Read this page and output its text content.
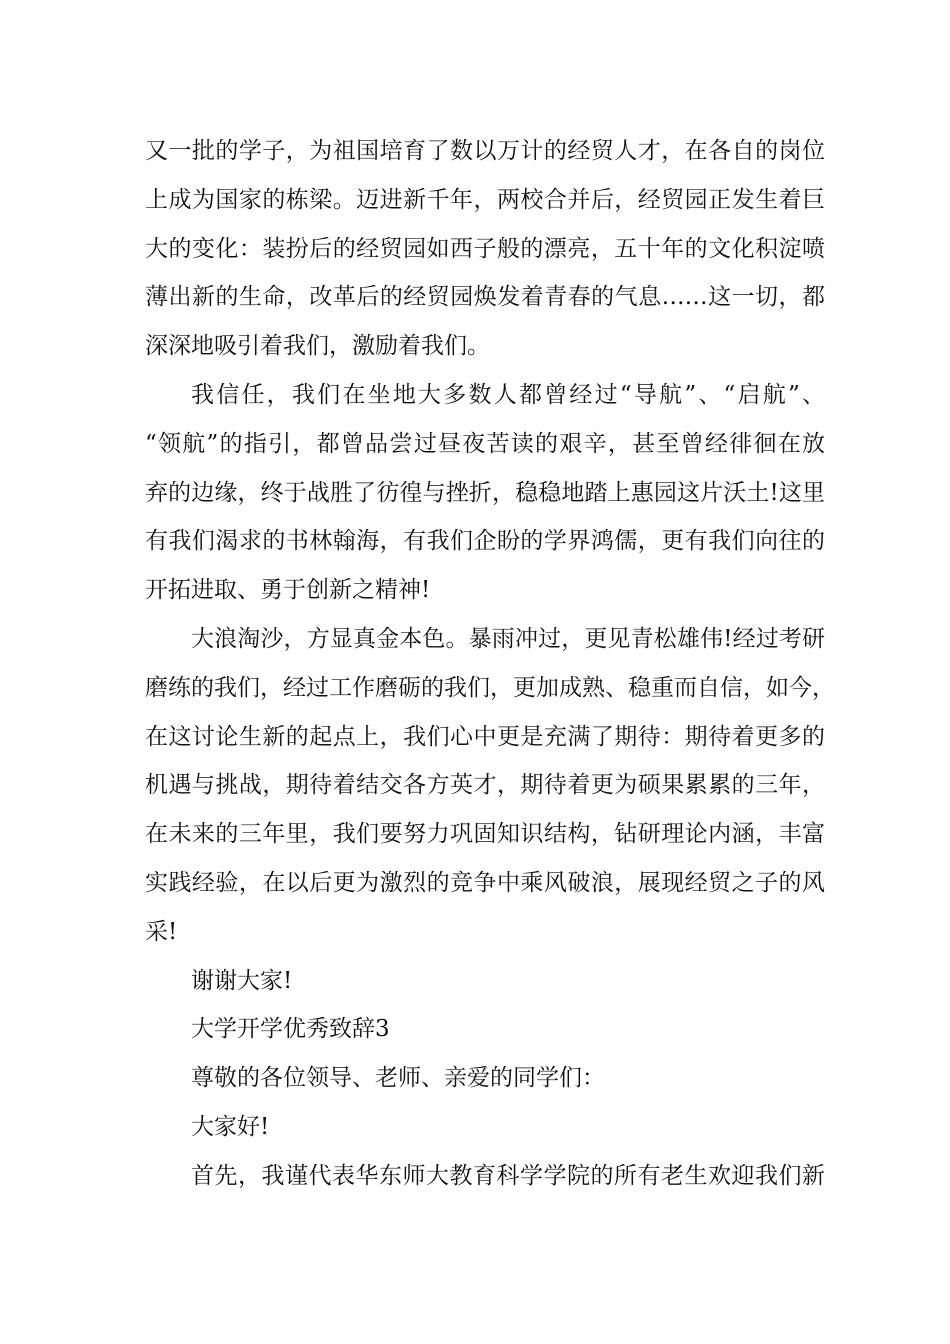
又一批的学子，为祖国培育了数以万计的经贸人才，在各自的岗位
上成为国家的栋梁。迈进新千年，两校合并后，经贸园正发生着巨
大的变化：装扮后的经贸园如西子般的漂亮，五十年的文化积淀喷
薄出新的生命，改革后的经贸园焕发着青春的气息……这一切，都
深深地吸引着我们，激励着我们。
我信任，我们在坐地大多数人都曾经过“导航”、“启航”、
“领航”的指引，都曾品尝过昼夜苦读的艰辛，甚至曾经徘徊在放
弃的边缘，终于战胜了彷徨与挫折，稳稳地踏上惠园这片沃土!这里
有我们渴求的书林翰海，有我们企盼的学界鸿儒，更有我们向往的
开拓进取、勇于创新之精神!
大浪淘沙，方显真金本色。暴雨冲过，更见青松雄伟!经过考研
磨练的我们，经过工作磨砺的我们，更加成熟、稳重而自信，如今，
在这讨论生新的起点上，我们心中更是充满了期待：期待着更多的
机遇与挑战，期待着结交各方英才，期待着更为硕果累累的三年，
在未来的三年里，我们要努力巩固知识结构，钻研理论内涵，丰富
实践经验，在以后更为激烈的竞争中乘风破浪，展现经贸之子的风
采!
谢谢大家!
大学开学优秀致辞3
尊敬的各位领导、老师、亲爱的同学们：
大家好!
首先，我谨代表华东师大教育科学学院的所有老生欢迎我们新
